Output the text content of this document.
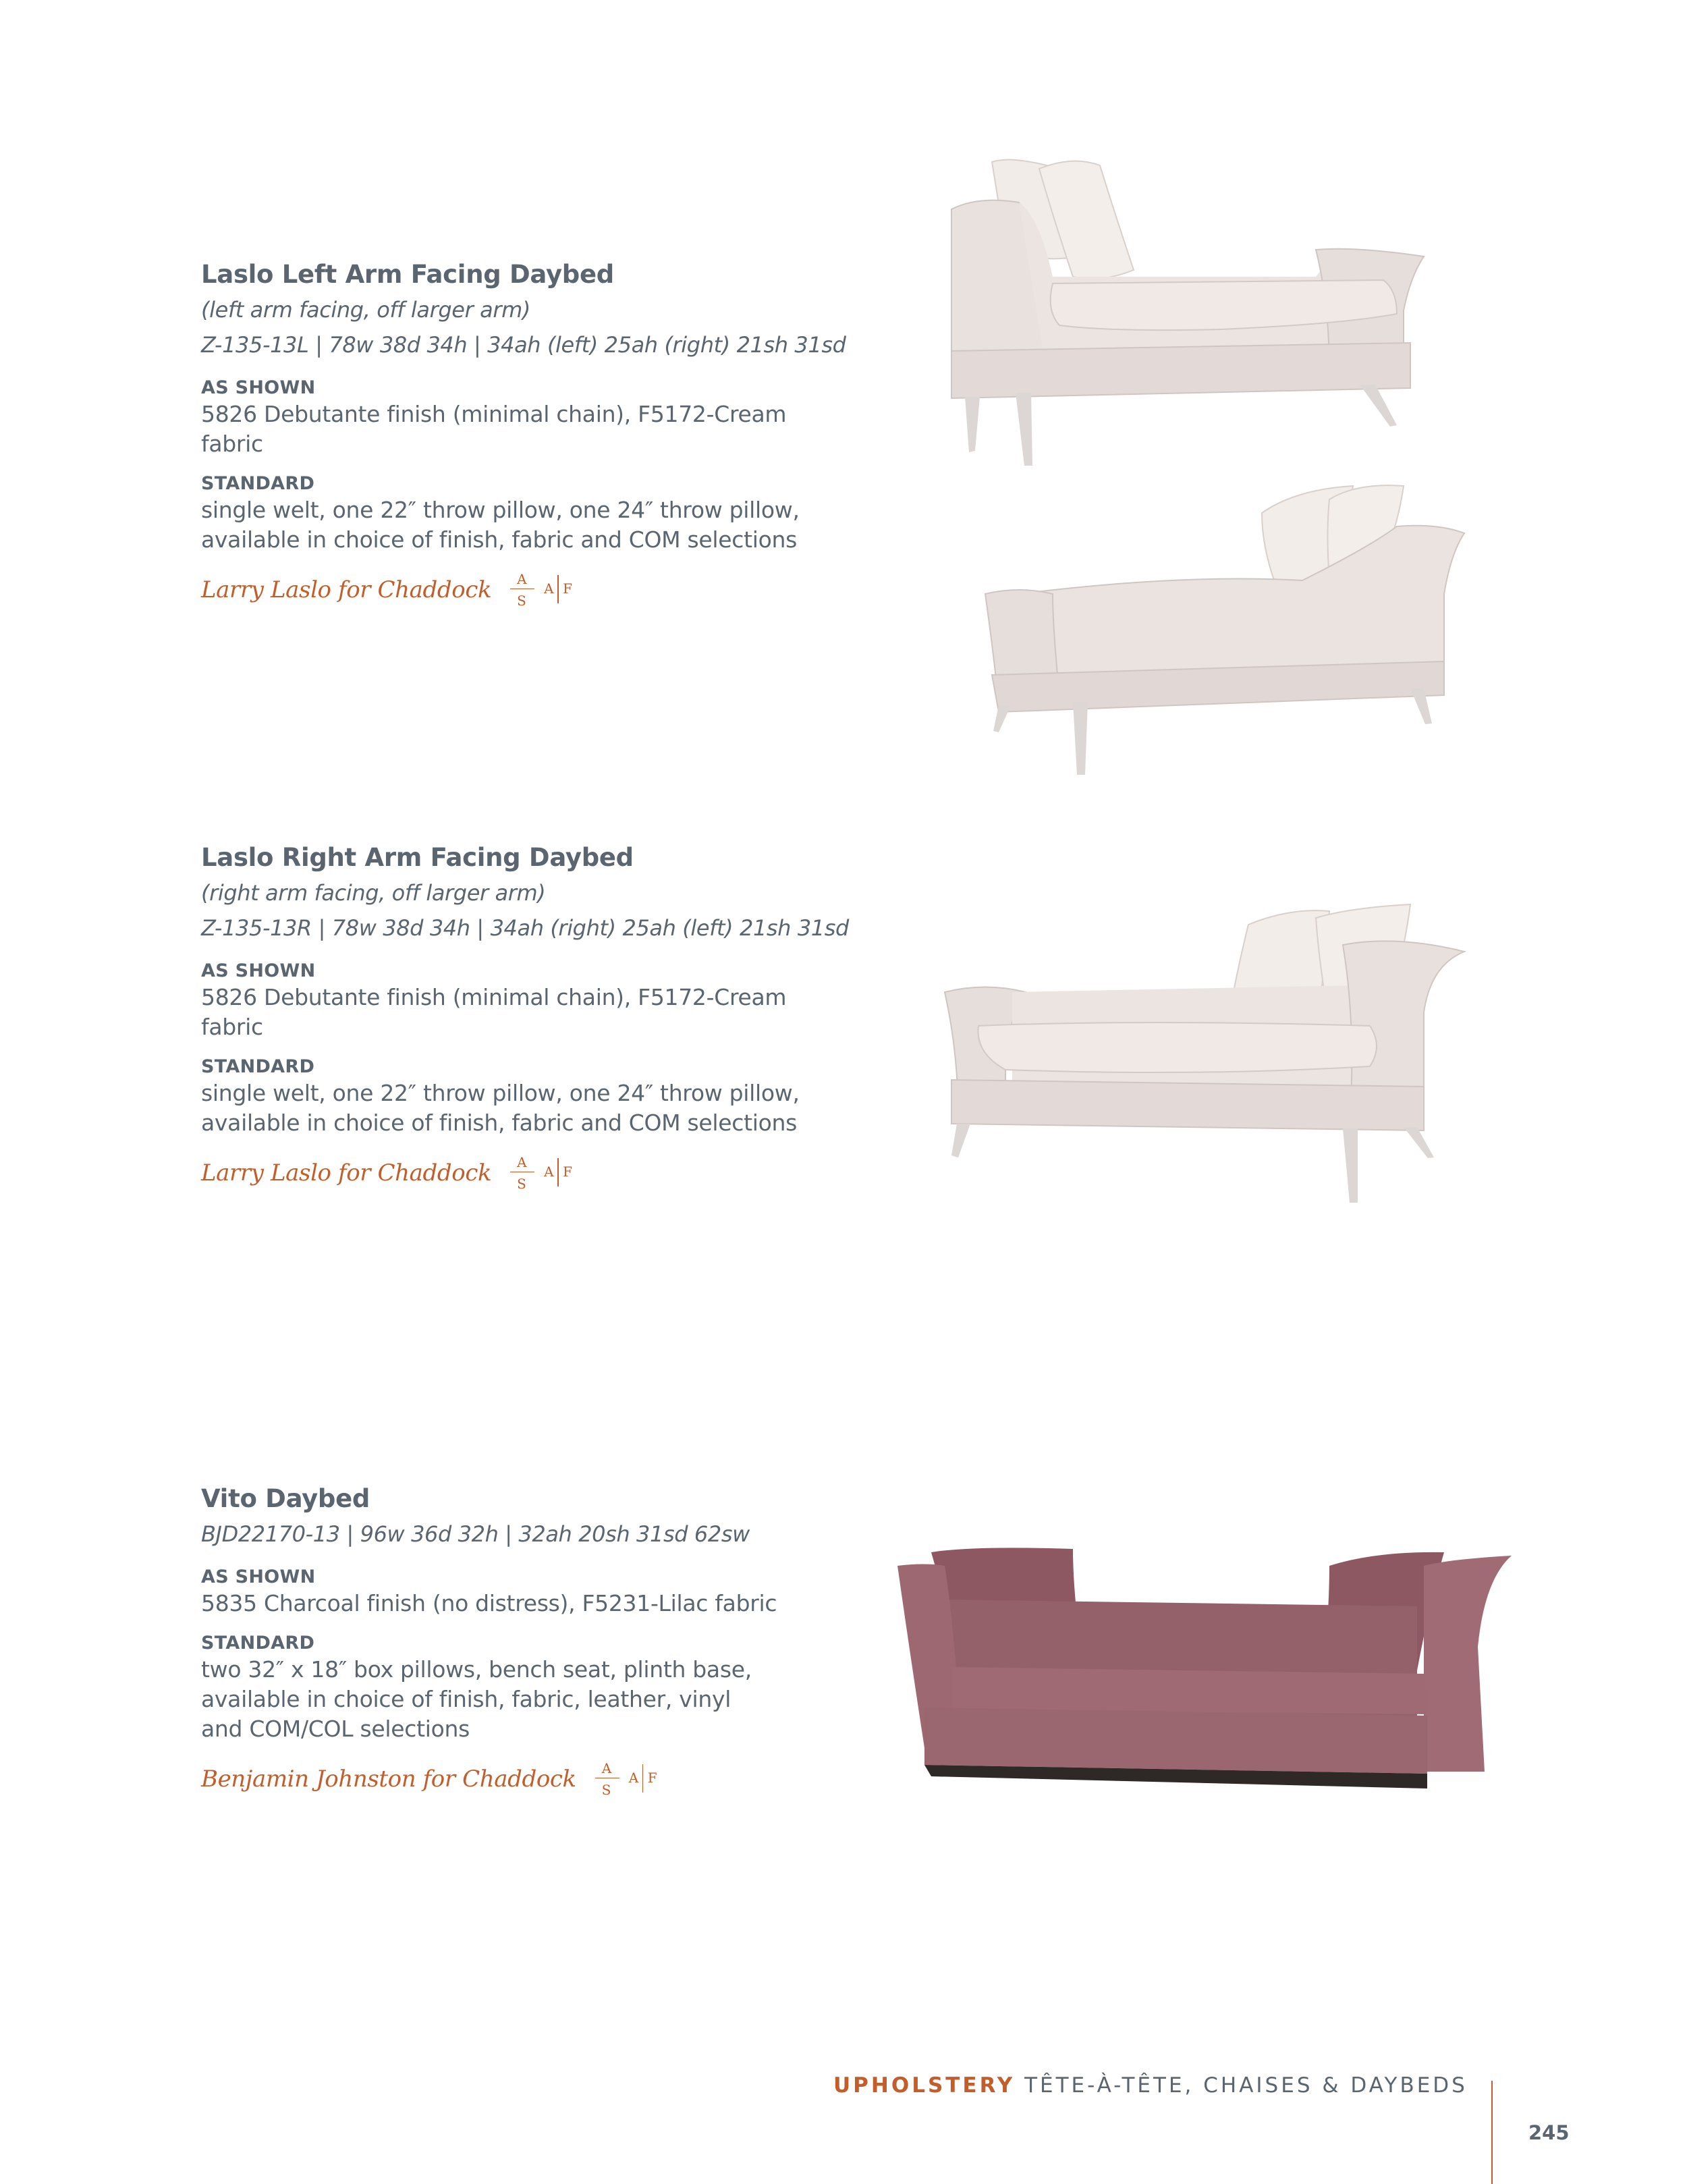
Laslo Left Arm Facing Daybed

(left arm facing, off larger arm)

Z-135-13L | 78w 38d 34h | 34ah (left) 25ah (right) 21sh 31sd

AS SHOWN

5826 Debutante finish (minimal chain), F5172-Cream

fabric

STANDARD

single welt, one 22″ throw pillow, one 24″ throw pillow,

available in choice of finish, fabric and COM selections

Larry Laslo for Chaddock A
S
A F

Laslo Right Arm Facing Daybed

(right arm facing, off larger arm)

Z-135-13R | 78w 38d 34h | 34ah (right) 25ah (left) 21sh 31sd

AS SHOWN

5826 Debutante finish (minimal chain), F5172-Cream

fabric

STANDARD

single welt, one 22″ throw pillow, one 24″ throw pillow,

available in choice of finish, fabric and COM selections

Larry Laslo for Chaddock A
S
A F

Vito Daybed

BJD22170-13 | 96w 36d 32h | 32ah 20sh 31sd 62sw

AS SHOWN

5835 Charcoal finish (no distress), F5231-Lilac fabric

STANDARD

two 32″ x 18″ box pillows, bench seat, plinth base,

available in choice of finish, fabric, leather, vinyl

and COM/COL selections

Benjamin Johnston for Chaddock A
S
A F
UPHOLSTERY TÊTE-À-TÊTE, CHAISES & DAYBEDS
245
